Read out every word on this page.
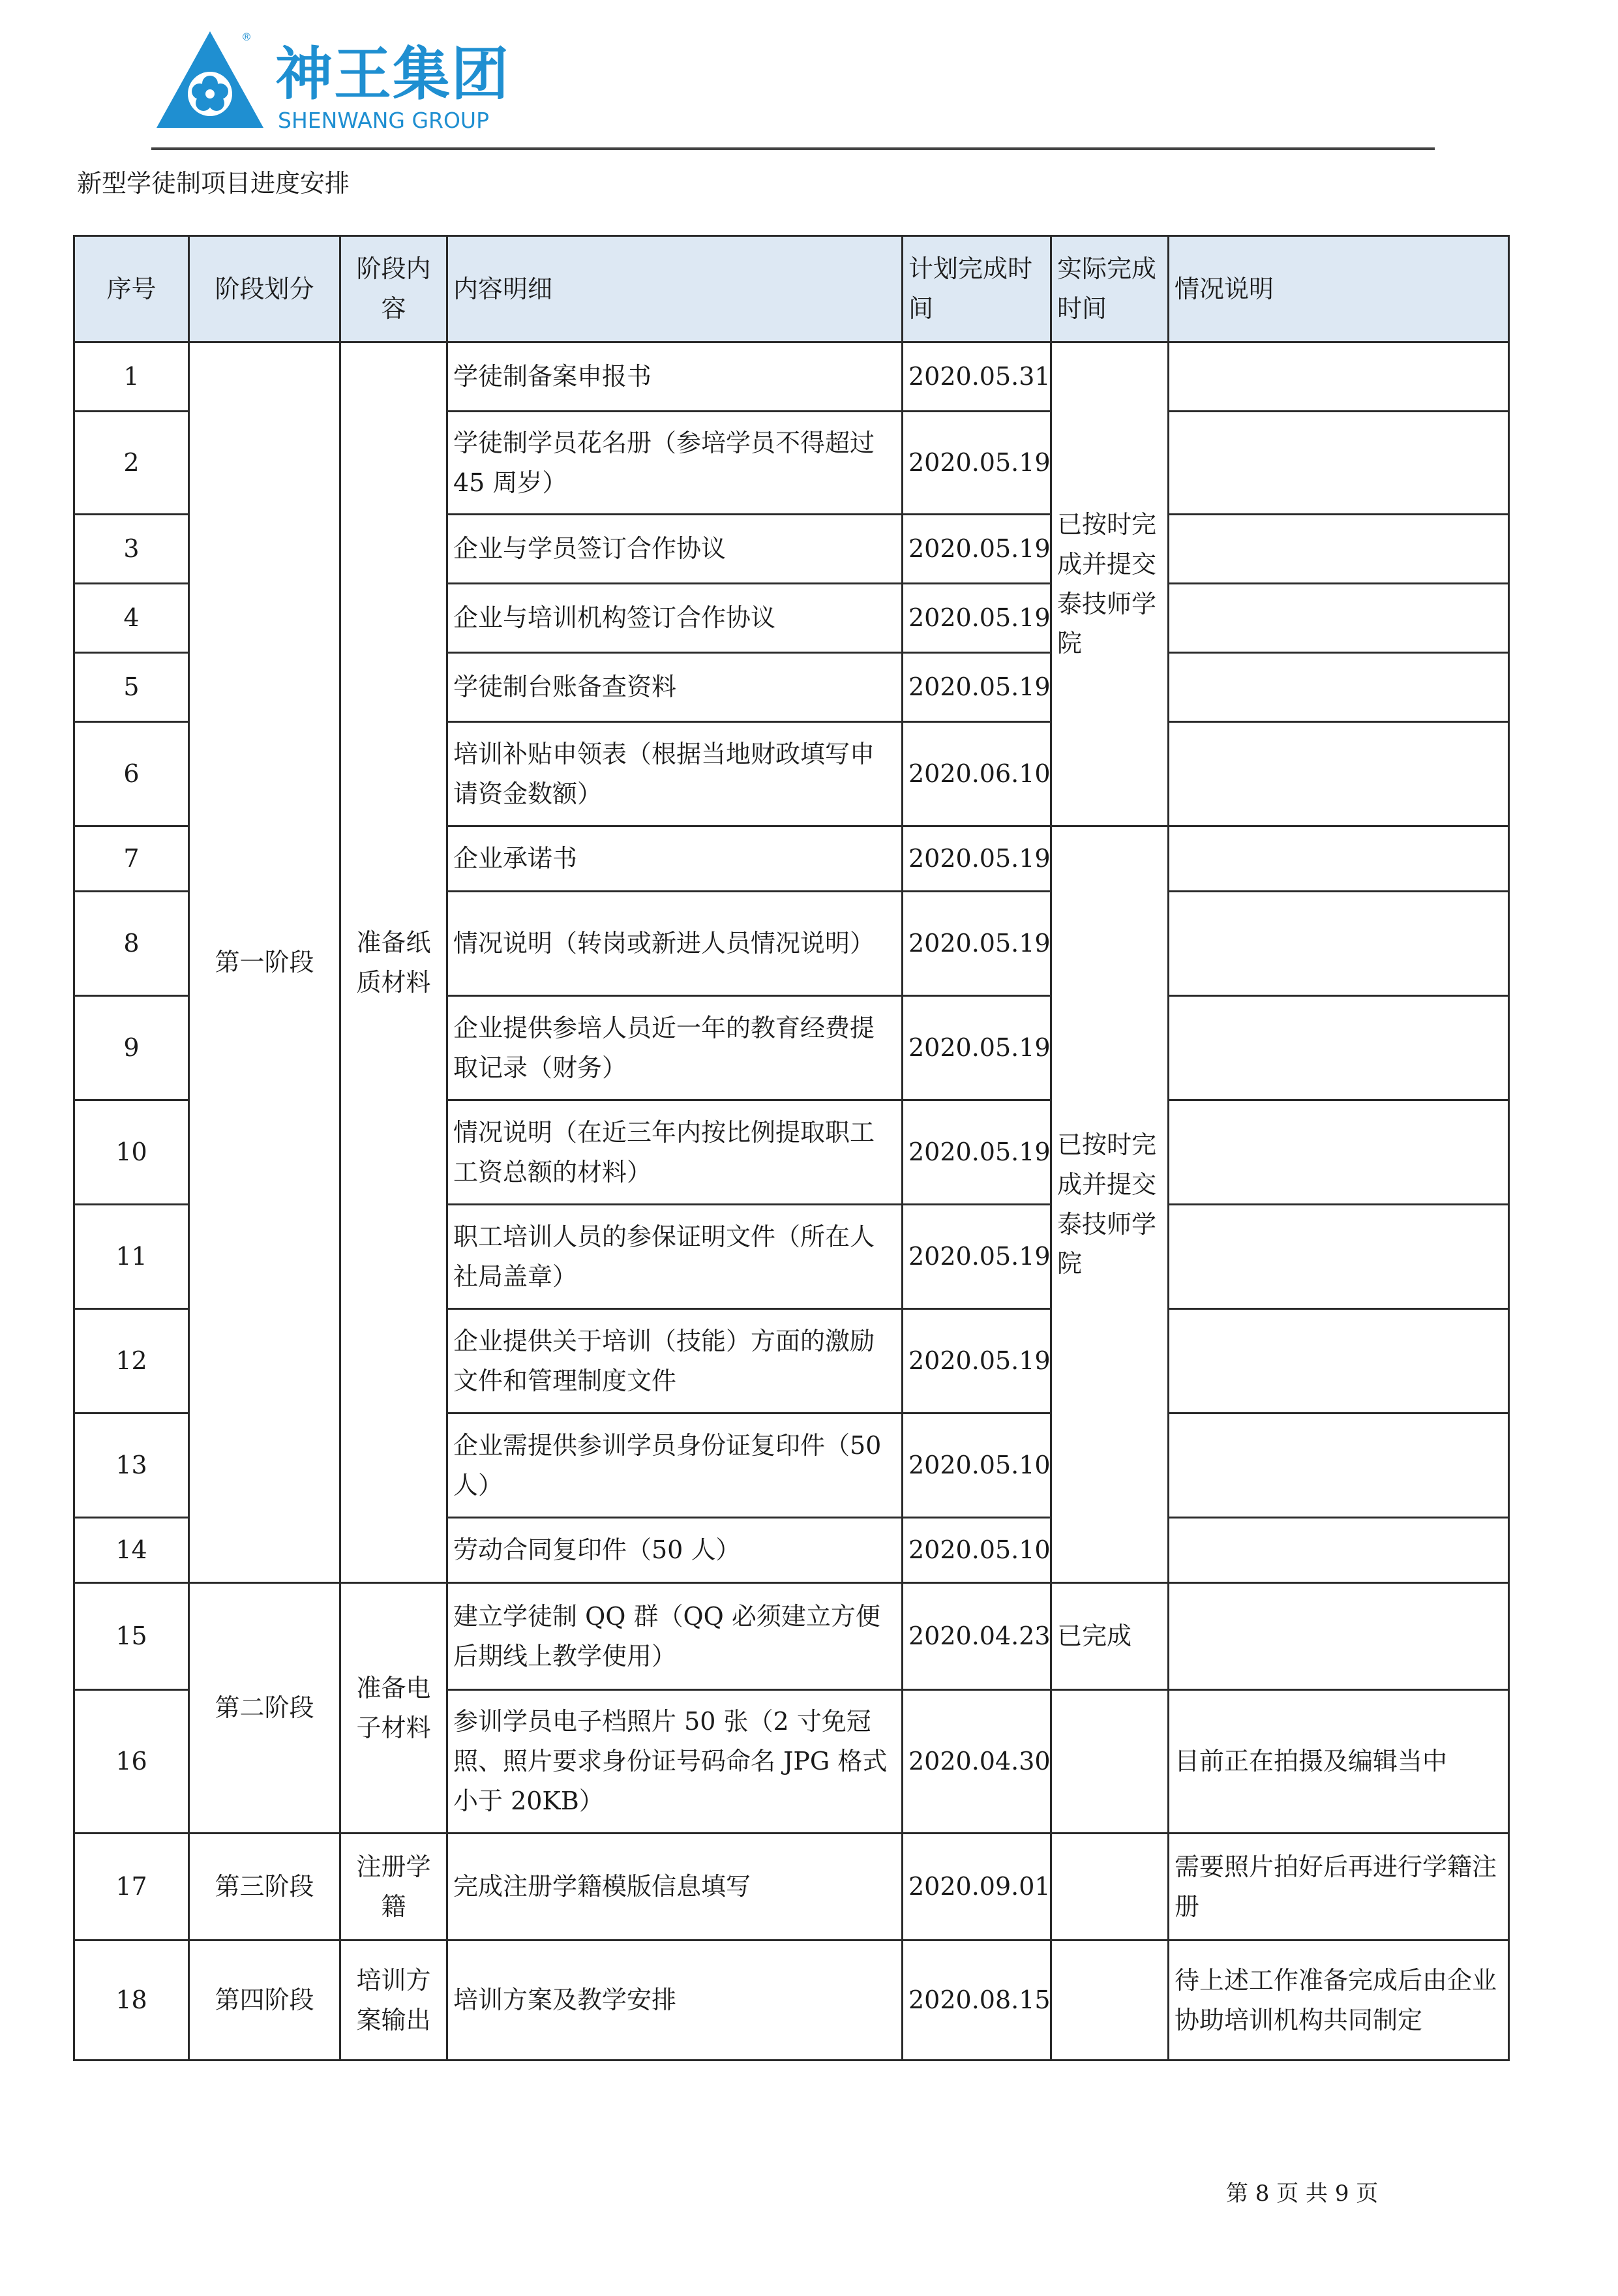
®
神王集团
SHENWANG GROUP
新型学徒制项目进度安排
序号	阶段划分	阶段内容	内容明细	计划完成时间	实际完成时间	情况说明
1	第一阶段	准备纸质材料	学徒制备案申报书	2020.05.31	已按时完成并提交泰技师学院	
2			学徒制学员花名册（参培学员不得超过 45 周岁）	2020.05.19		
3			企业与学员签订合作协议	2020.05.19		
4			企业与培训机构签订合作协议	2020.05.19		
5			学徒制台账备查资料	2020.05.19		
6			培训补贴申领表（根据当地财政填写申请资金数额）	2020.06.10		
7			企业承诺书	2020.05.19	已按时完成并提交泰技师学院	
8			情况说明（转岗或新进人员情况说明）	2020.05.19		
9			企业提供参培人员近一年的教育经费提取记录（财务）	2020.05.19		
10			情况说明（在近三年内按比例提取职工工资总额的材料）	2020.05.19		
11			职工培训人员的参保证明文件（所在人社局盖章）	2020.05.19		
12			企业提供关于培训（技能）方面的激励文件和管理制度文件	2020.05.19		
13			企业需提供参训学员身份证复印件（50 人）	2020.05.10		
14			劳动合同复印件（50 人）	2020.05.10		
15	第二阶段	准备电子材料	建立学徒制 QQ 群（QQ 必须建立方便后期线上教学使用）	2020.04.23	已完成	
16			参训学员电子档照片 50 张（2 寸免冠照、照片要求身份证号码命名 JPG 格式小于 20KB）	2020.04.30		目前正在拍摄及编辑当中
17	第三阶段	注册学籍	完成注册学籍模版信息填写	2020.09.01		需要照片拍好后再进行学籍注册
18	第四阶段	培训方案输出	培训方案及教学安排	2020.08.15		待上述工作准备完成后由企业协助培训机构共同制定
第 8 页 共 9 页
